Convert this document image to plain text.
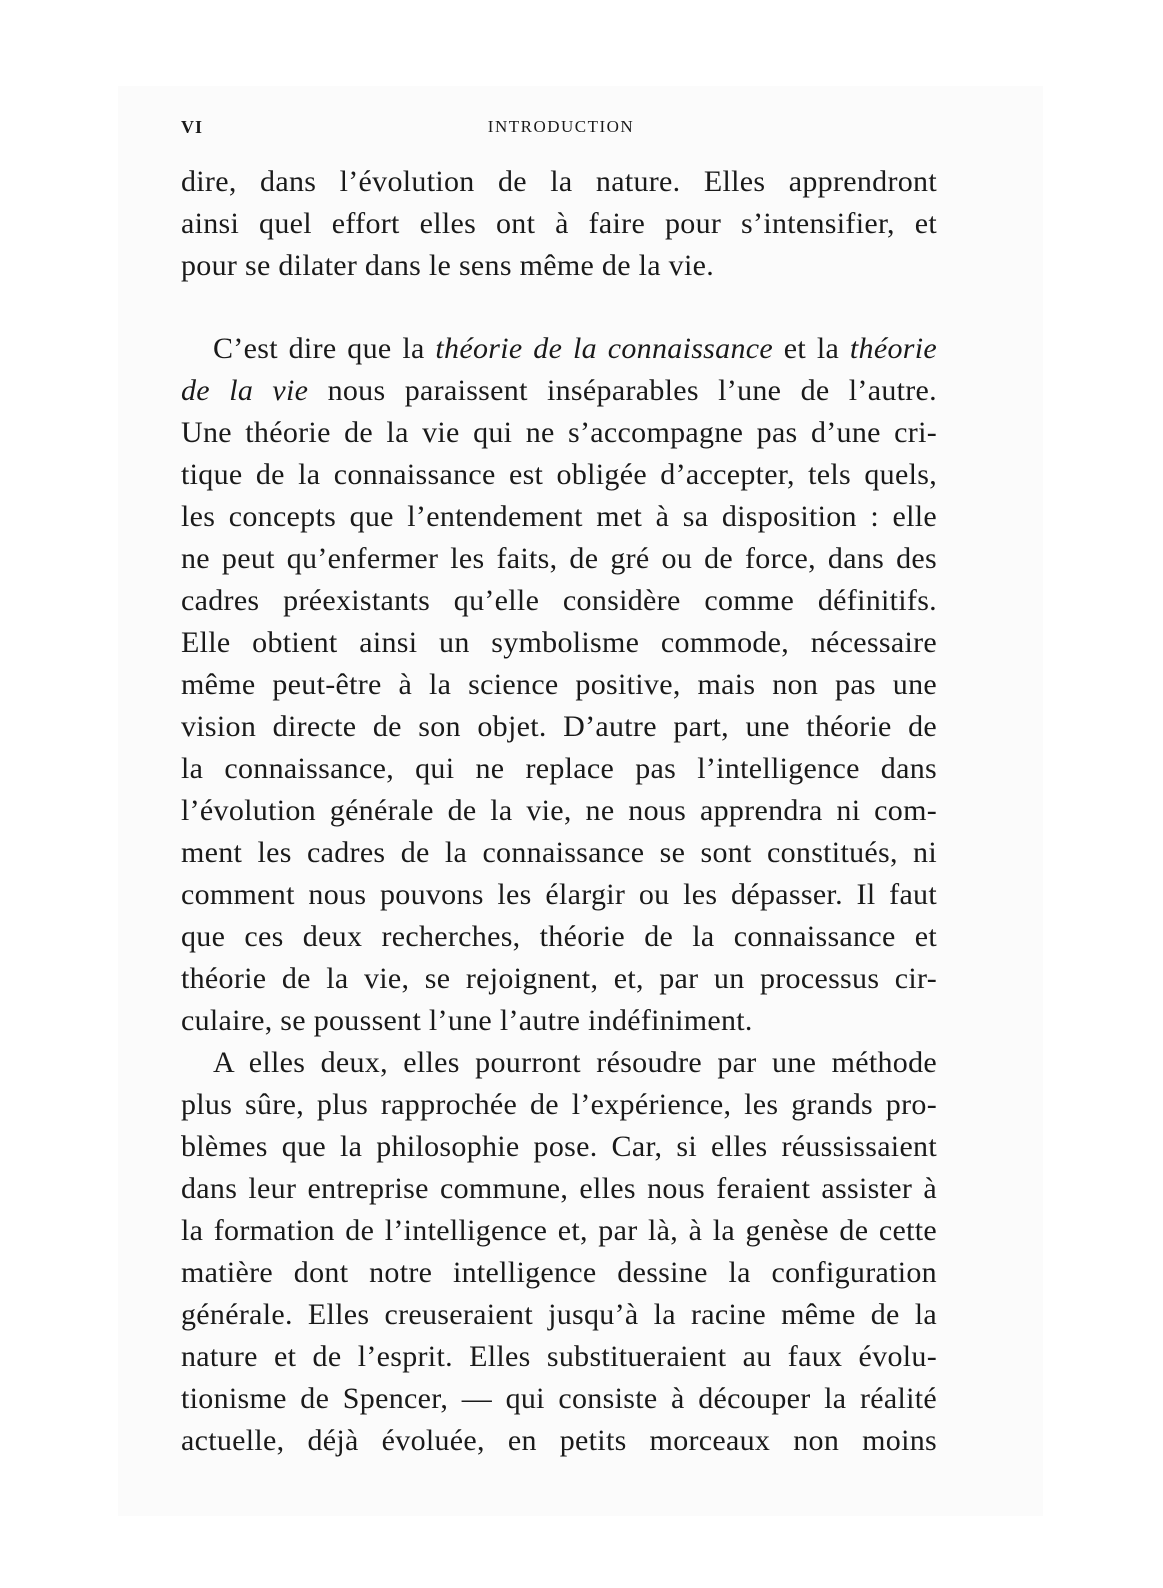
VI	INTRODUCTION
dire, dans l’évolution de la nature. Elles apprendront
ainsi quel effort elles ont à faire pour s’intensifier, et
pour se dilater dans le sens même de la vie.
C’est dire que la théorie de la connaissance et la théorie
de la vie nous paraissent inséparables l’une de l’autre.
Une théorie de la vie qui ne s’accompagne pas d’une cri-
tique de la connaissance est obligée d’accepter, tels quels,
les concepts que l’entendement met à sa disposition : elle
ne peut qu’enfermer les faits, de gré ou de force, dans des
cadres préexistants qu’elle considère comme définitifs.
Elle obtient ainsi un symbolisme commode, nécessaire
même peut-être à la science positive, mais non pas une
vision directe de son objet. D’autre part, une théorie de
la connaissance, qui ne replace pas l’intelligence dans
l’évolution générale de la vie, ne nous apprendra ni com-
ment les cadres de la connaissance se sont constitués, ni
comment nous pouvons les élargir ou les dépasser. Il faut
que ces deux recherches, théorie de la connaissance et
théorie de la vie, se rejoignent, et, par un processus cir-
culaire, se poussent l’une l’autre indéfiniment.
A elles deux, elles pourront résoudre par une méthode
plus sûre, plus rapprochée de l’expérience, les grands pro-
blèmes que la philosophie pose. Car, si elles réussissaient
dans leur entreprise commune, elles nous feraient assister à
la formation de l’intelligence et, par là, à la genèse de cette
matière dont notre intelligence dessine la configuration
générale. Elles creuseraient jusqu’à la racine même de la
nature et de l’esprit. Elles substitueraient au faux évolu-
tionisme de Spencer, — qui consiste à découper la réalité
actuelle, déjà évoluée, en petits morceaux non moins
